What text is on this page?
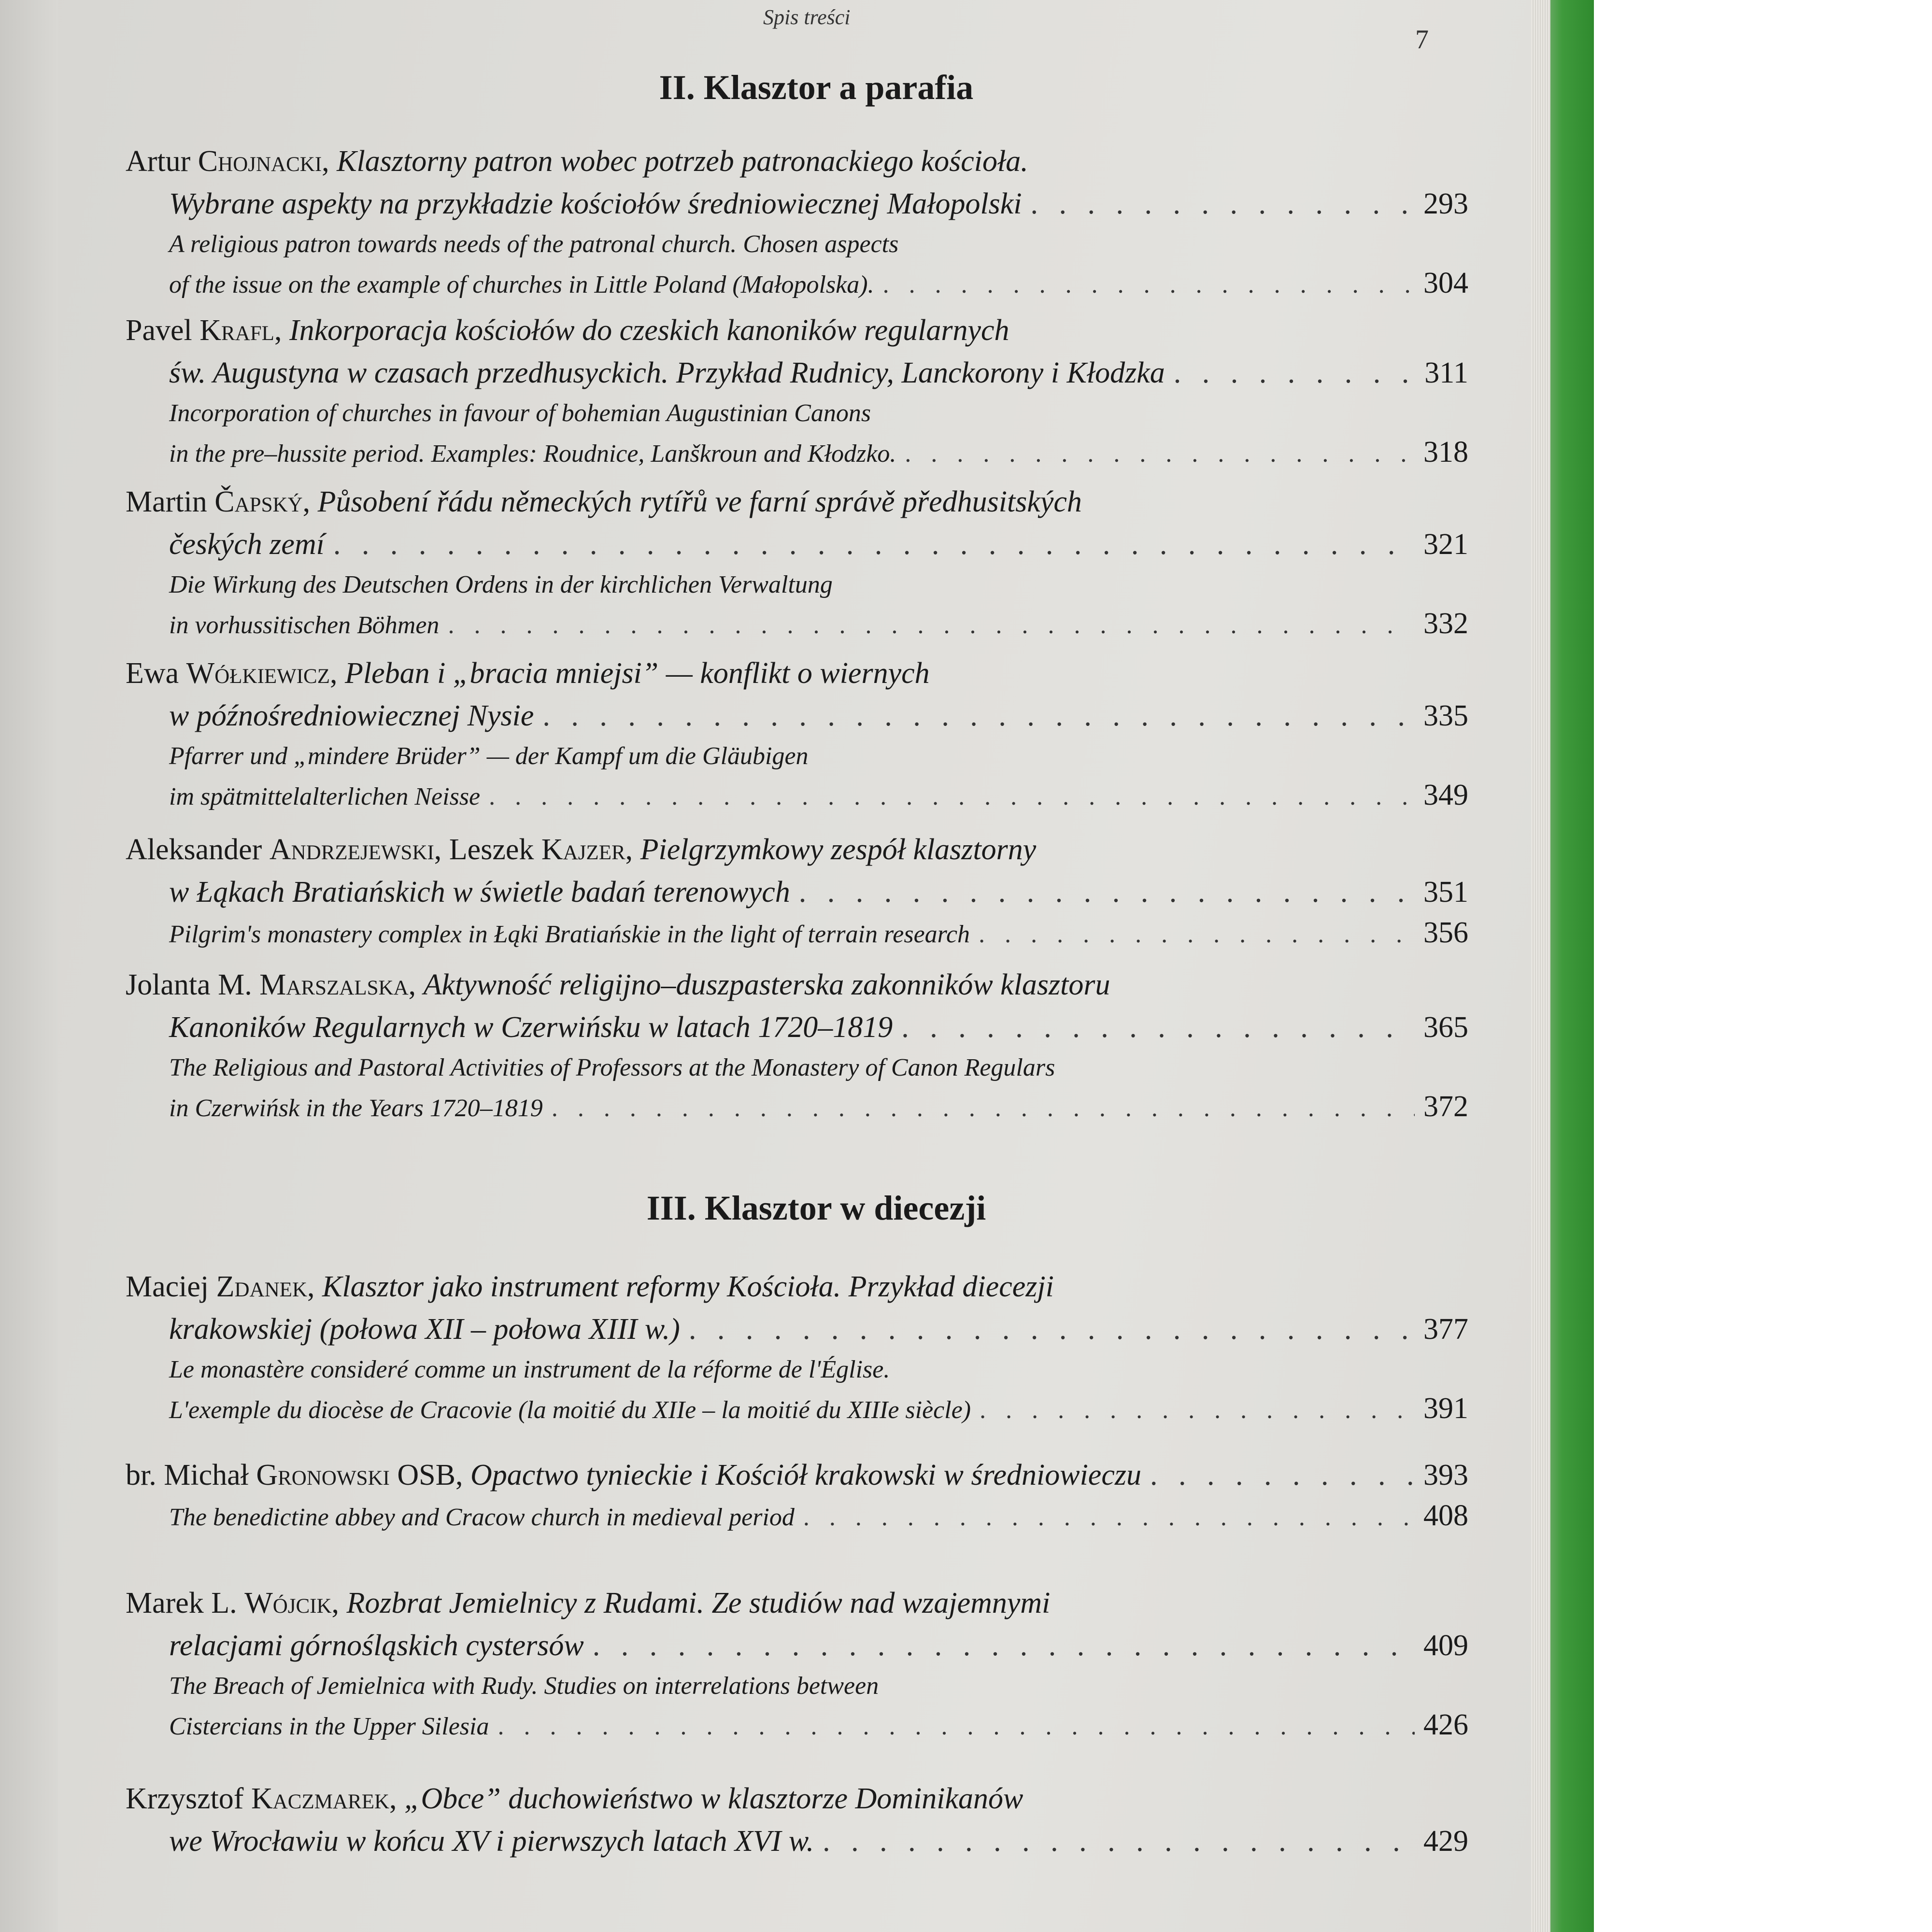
Spis treści
7
II. Klasztor a parafia
Artur Chojnacki,
Klasztorny patron wobec potrzeb patronackiego kościoła.
Wybrane aspekty na przykładzie kościołów średniowiecznej Małopolski . . .	293
A religious patron towards needs of the patronal church. Chosen aspects
of the issue on the example of churches in Little Poland (Małopolska). . . .	304
Pavel Krafl,
Inkorporacja kościołów do czeskich kanoników regularnych
św. Augustyna w czasach przedhusyckich. Przykład Rudnicy, Lanckorony i Kłodzka . . .	311
Incorporation of churches in favour of bohemian Augustinian Canons
in the pre–hussite period. Examples: Roudnice, Lanškroun and Kłodzko. . . .	318
Martin Čapský,
Působení řádu německých rytířů ve farní správě předhusitských
českých zemí . . .	321
Die Wirkung des Deutschen Ordens in der kirchlichen Verwaltung
in vorhussitischen Böhmen . . .	332
Ewa Wółkiewicz,
Pleban i „bracia mniejsi” — konflikt o wiernych
w późnośredniowiecznej Nysie . . .	335
Pfarrer und „mindere Brüder” — der Kampf um die Gläubigen
im spätmittelalterlichen Neisse . . .	349
Aleksander Andrzejewski, Leszek Kajzer,
Pielgrzymkowy zespół klasztorny
w Łąkach Bratiańskich w świetle badań terenowych . . .	351
Pilgrim's monastery complex in Łąki Bratiańskie in the light of terrain research . . .	356
Jolanta M. Marszalska,
Aktywność religijno–duszpasterska zakonników klasztoru
Kanoników Regularnych w Czerwińsku w latach 1720–1819 . . .	365
The Religious and Pastoral Activities of Professors at the Monastery of Canon Regulars
in Czerwińsk in the Years 1720–1819 . . .	372
III. Klasztor w diecezji
Maciej Zdanek,
Klasztor jako instrument reformy Kościoła. Przykład diecezji
krakowskiej (połowa XII – połowa XIII w.) . . .	377
Le monastère consideré comme un instrument de la réforme de l'Église.
L'exemple du diocèse de Cracovie (la moitié du XIIe – la moitié du XIIIe siècle) . . .	391
br. Michał Gronowski OSB,
Opactwo tynieckie i Kościół krakowski w średniowieczu . . .	393
The benedictine abbey and Cracow church in medieval period . . .	408
Marek L. Wójcik,
Rozbrat Jemielnicy z Rudami. Ze studiów nad wzajemnymi
relacjami górnośląskich cystersów . . .	409
The Breach of Jemielnica with Rudy. Studies on interrelations between
Cistercians in the Upper Silesia . . .	426
Krzysztof Kaczmarek,
„Obce” duchowieństwo w klasztorze Dominikanów
we Wrocławiu w końcu XV i pierwszych latach XVI w. . . .	429
